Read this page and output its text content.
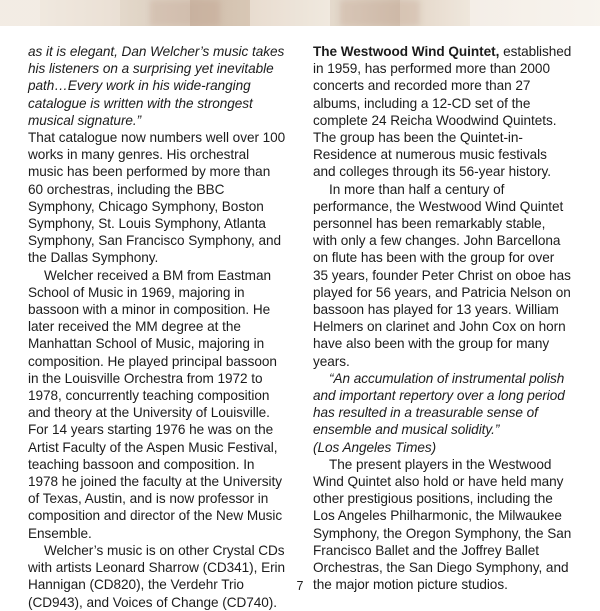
as it is elegant, Dan Welcher’s music takes his listeners on a surprising yet inevitable path…Every work in his wide-ranging catalogue is written with the strongest musical signature.”

That catalogue now numbers well over 100 works in many genres. His orchestral music has been performed by more than 60 orchestras, including the BBC Symphony, Chicago Symphony, Boston Symphony, St. Louis Symphony, Atlanta Symphony, San Francisco Symphony, and the Dallas Symphony.

Welcher received a BM from Eastman School of Music in 1969, majoring in bassoon with a minor in composition. He later received the MM degree at the Manhattan School of Music, majoring in composition. He played principal bassoon in the Louisville Orchestra from 1972 to 1978, concurrently teaching composition and theory at the University of Louisville. For 14 years starting 1976 he was on the Artist Faculty of the Aspen Music Festival, teaching bassoon and composition. In 1978 he joined the faculty at the University of Texas, Austin, and is now professor in composition and director of the New Music Ensemble.

Welcher’s music is on other Crystal CDs with artists Leonard Sharrow (CD341), Erin Hannigan (CD820), the Verdehr Trio (CD943), and Voices of Change (CD740).

The Westwood Wind Quintet, established in 1959, has performed more than 2000 concerts and recorded more than 27 albums, including a 12-CD set of the complete 24 Reicha Woodwind Quintets. The group has been the Quintet-in-Residence at numerous music festivals and colleges through its 56-year history.

In more than half a century of performance, the Westwood Wind Quintet personnel has been remarkably stable, with only a few changes. John Barcellona on flute has been with the group for over 35 years, founder Peter Christ on oboe has played for 56 years, and Patricia Nelson on bassoon has played for 13 years. William Helmers on clarinet and John Cox on horn have also been with the group for many years.

“An accumulation of instrumental polish and important repertory over a long period has resulted in a treasurable sense of ensemble and musical solidity.”

(Los Angeles Times)

The present players in the Westwood Wind Quintet also hold or have held many other prestigious positions, including the Los Angeles Philharmonic, the Milwaukee Symphony, the Oregon Symphony, the San Francisco Ballet and the Joffrey Ballet Orchestras, the San Diego Symphony, and the major motion picture studios.

7
